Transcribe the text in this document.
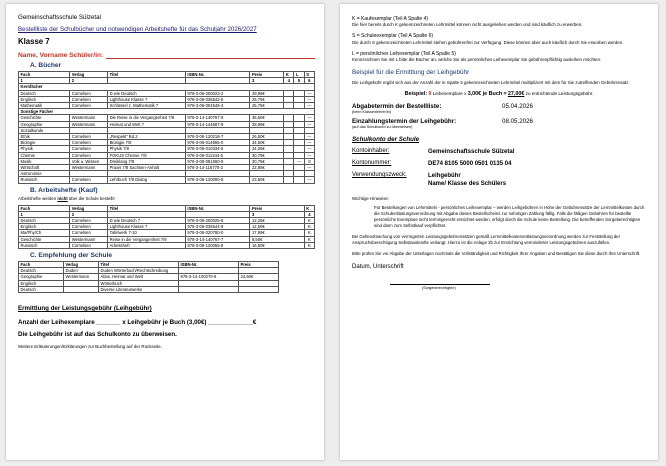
Gemeinschaftsschule Sülzetal
Bestellliste der Schulbücher und notwendigen Arbeitshefte für das Schuljahr 2026/2027
Klasse 7
Name, Vorname Schüler/in:
A. Bücher
Fach	Verlag	Titel	ISBN-Nr.	Preis	K	L	S
1	2			3	4	5	6
Kernfächer							
Deutsch	Cornelsen	D wie Deutsch	978-3-06-200023-2	29,99€			---
Englisch	Cornelsen	Lighthouse Klasse 7	978-3-06-036542-5	25,75€			---
Mathematik	Cornelsen	Schlüssel z. Mathematik 7	978-3-06-004546-4	25,75€			---
Sonstige Fächer							
Geschichte	Westermann	Die Reise in die Vergangenheit 7/8	978-3-14-140767-9	36,50€			---
Geographie	Westermann	Heimat und Welt 7	978-3-14-144587-9	28,95€			---
Sozialkunde							
Ethik	Cornelsen	„Respekt“ Bd.2	978-3-06-120218-7	26,50€			---
Biologie	Cornelsen	Biologie 7/8	978-3-06-014655-0	34,50€			---
Physik	Cornelsen	Physik 7/8	978-3-06-010434-5	34,25€			---
Chemie	Cornelsen	FOKUS Chemie 7/8	978-3-06-011344-6	30,75€			---
Musik	Volk u. Wissen	Dreiklang 7/8	978-3-06-081560-9	30,75€		---	S
Wirtschaft	Westermann	Praxis 7/8 Sachsen-Anhalt	978-3-14-116770-2	22,95€			---
Astronomie							
Russisch	Cornelsen	Lehrbuch 7/8 Dialog	978-3-06-120000-8	23,50€			---
B. Arbeitshefte (Kauf)
Arbeitshefte werden nicht über die Schule bestellt!
Fach	Verlag	Titel	ISBN-Nr.	Preis	K
1	2			3	4
Deutsch	Cornelsen	D wie Deutsch 7	978-3-06-200025-6	12,25€	K
Englisch	Cornelsen	Lighthouse Klasse 7	978-3-06-036544-9	12,50€	K
Ma/Phy/Ch	Cornelsen	Tafelwerk 7-10	978-3-06-020780-0	17,99€	K
Geschichte	Westermann	Reise in die Vergangenheit 7/8	978-3-14-140767-7	8,50€	K
Russisch	Cornelsen	Arbeitsheft	978-3-06-120055-8	16,50€	K
C. Empfehlung der Schule
Fach	Verlag	Titel	ISBN-Nr.	Preis
Deutsch	Duden	Duden Wörterbuch/Rechtschreibung		
Geographie	Westermann	Atlas, Heimat und Welt	978-3-14-100270-6	24,50€
Englisch		Wörterbuch		
Deutsch		Diverse Literaturwerke		
Ermittlung der Leistungsgebühr (Leihgebühr)
Anzahl der Leihexemplare _______ x Leihgebühr je Buch (3,00€) _____________€
Die Leihgebühr ist auf das Schulkonto zu überweisen.
Weitere Erläuterungen/Erklärungen zur Buchbestellung auf der Rückseite.
K = Kaufexemplar (Teil A Spalte 4)
Die hier bereits durch K gekennzeichneten Lehrmittel können nicht ausgeliehen werden und sind käuflich zu erwerben.
S = Schuleexemplar (Teil A Spalte 6)
Die durch S gekennzeichneten Lehrmittel stehen gebührenfrei zur Verfügung. Diese können aber auch käuflich durch Sie erworben werden.
L = persönliches Leihexemplar (Teil A Spalte 5)
Kennzeichnen Sie mit L bitte die Bücher an, welche Sie als persönliches Leihexemplar Sie gebührenpflichtig ausleihen möchten.
Beispiel für die Ermittlung der Leihgebühr
Die Leihgebühr ergibt sich aus der Anzahl der in Spalte 5 gekennzeichneten Lehrmittel multipliziert mit dem für Sie zutreffenden Gebührensatz.
Beispiel: 9 Leihexemplare x 3,00€ je Buch = 27,00€ zu entrichtende Leistungsgebühr.
Abgabetermin der Bestellliste:	05.04.2026
(beim Klassenlehrer/in)
Einzahlungstermin der Leihgebühr:	08.05.2026
(auf das Schulkonto zu überweisen)
Schulkonto der Schule
Kontoinhaber:	Gemeinschaftsschule Sülzetal
Kontonummer:	DE74 8105 5000 0501 0135 04
Verwendungszweck:	Leihgebühr
Name/ Klasse des Schülers
Wichtige Hinweise:
Für Bestellungen von Lehrmitteln - persönliches Leihexemplar – werden Leihgebühren in Höhe der Gebührensätze der Lernmittelkosten durch die Schulentlastungsverordnung mit Abgabe dieses Bestellscheins zur sofortigen Zahlung fällig. Falls die fälligen Gebühren für bestellte persönliche Exemplare nicht termingerecht entrichtet werden, erfolgt durch die Schule keine Bestellung. Die betreffenden Sorgeberechtigten sind dann zum Selbstkauf verpflichtet.
Bei Geltendmachung von verringerten Leistungsgebührensätzen gemäß Lernmittelkostenentlastungsverordnung werden zur Feststellung der Anspruchsberechtigung Selbstauskünfte verlangt. Hierzu ist die Anlage 2b zur Entrichtung verminderter Leistungsgebühren auszufüllen.
Bitte prüfen Sie vor Abgabe der Unterlagen nochmals die Vollständigkeit und Richtigkeit Ihrer Angaben und Bestätigen Sie diese durch Ihre Unterschrift.
Datum, Unterschrift
(Sorgeberechtigte/r)
